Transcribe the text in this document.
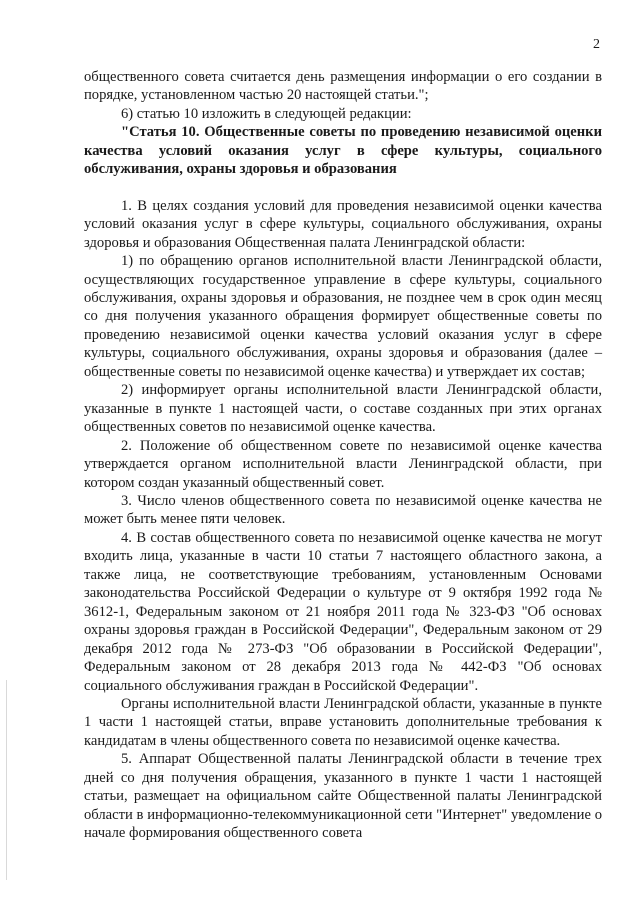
2

общественного совета считается день размещения информации о его создании в порядке, установленном частью 20 настоящей статьи.";

6) статью 10 изложить в следующей редакции:

"Статья 10. Общественные советы по проведению независимой оценки качества условий оказания услуг в сфере культуры, социального обслуживания, охраны здоровья и образования

1. В целях создания условий для проведения независимой оценки качества условий оказания услуг в сфере культуры, социального обслуживания, охраны здоровья и образования Общественная палата Ленинградской области:

1) по обращению органов исполнительной власти Ленинградской области, осуществляющих государственное управление в сфере культуры, социального обслуживания, охраны здоровья и образования, не позднее чем в срок один месяц со дня получения указанного обращения формирует общественные советы по проведению независимой оценки качества условий оказания услуг в сфере культуры, социального обслуживания, охраны здоровья и образования (далее – общественные советы по независимой оценке качества) и утверждает их состав;

2) информирует органы исполнительной власти Ленинградской области, указанные в пункте 1 настоящей части, о составе созданных при этих органах общественных советов по независимой оценке качества.

2. Положение об общественном совете по независимой оценке качества утверждается органом исполнительной власти Ленинградской области, при котором создан указанный общественный совет.

3. Число членов общественного совета по независимой оценке качества не может быть менее пяти человек.

4. В состав общественного совета по независимой оценке качества не могут входить лица, указанные в части 10 статьи 7 настоящего областного закона, а также лица, не соответствующие требованиям, установленным Основами законодательства Российской Федерации о культуре от 9 октября 1992 года № 3612-1, Федеральным законом от 21 ноября 2011 года № 323-ФЗ "Об основах охраны здоровья граждан в Российской Федерации", Федеральным законом от 29 декабря 2012 года № 273-ФЗ "Об образовании в Российской Федерации", Федеральным законом от 28 декабря 2013 года № 442-ФЗ "Об основах социального обслуживания граждан в Российской Федерации".

Органы исполнительной власти Ленинградской области, указанные в пункте 1 части 1 настоящей статьи, вправе установить дополнительные требования к кандидатам в члены общественного совета по независимой оценке качества.

5. Аппарат Общественной палаты Ленинградской области в течение трех дней со дня получения обращения, указанного в пункте 1 части 1 настоящей статьи, размещает на официальном сайте Общественной палаты Ленинградской области в информационно-телекоммуникационной сети "Интернет" уведомление о начале формирования общественного совета
